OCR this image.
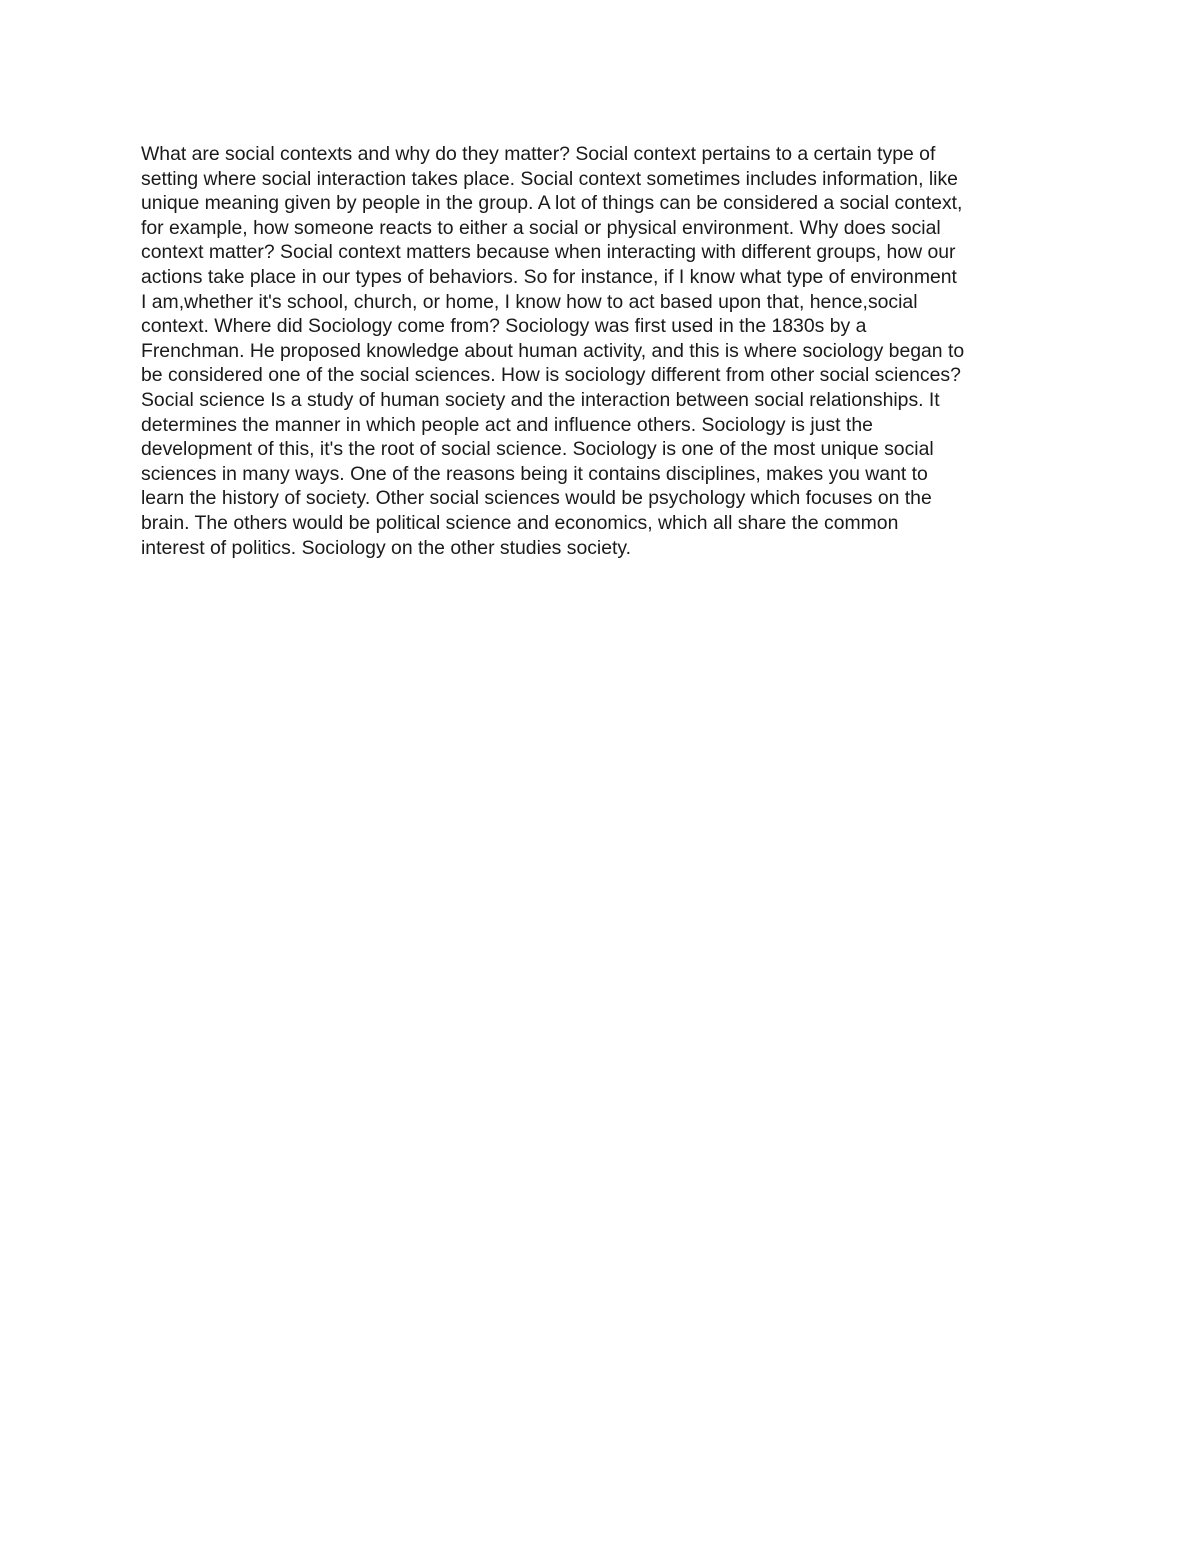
What are social contexts and why do they matter? Social context pertains to a certain type of
setting where social interaction takes place. Social context sometimes includes information, like
unique meaning given by people in the group. A lot of things can be considered a social context,
for example, how someone reacts to either a social or physical environment. Why does social
context matter? Social context matters because when interacting with different groups, how our
actions take place in our types of behaviors. So for instance, if I know what type of environment
I am,whether it's school, church, or home, I know how to act based upon that, hence,social
context. Where did Sociology come from? Sociology was first used in the 1830s by a
Frenchman. He proposed knowledge about human activity, and this is where sociology began to
be considered one of the social sciences. How is sociology different from other social sciences?
Social science Is a study of human society and the interaction between social relationships. It
determines the manner in which people act and influence others. Sociology is just the
development of this, it's the root of social science. Sociology is one of the most unique social
sciences in many ways. One of the reasons being it contains disciplines, makes you want to
learn the history of society. Other social sciences would be psychology which focuses on the
brain. The others would be political science and economics, which all share the common
interest of politics. Sociology on the other studies society.
